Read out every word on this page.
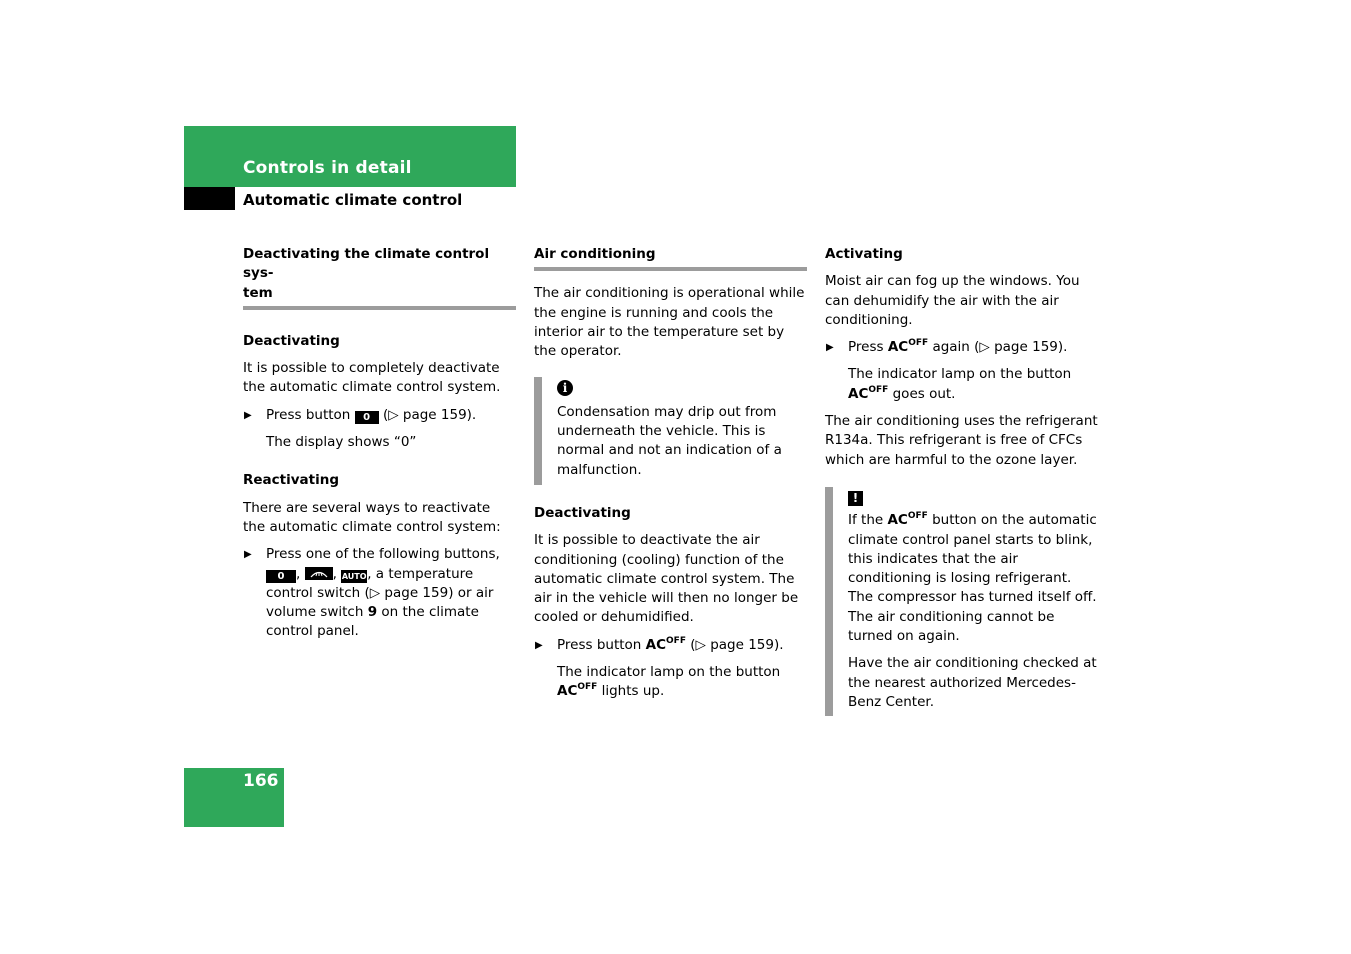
Controls in detail
Automatic climate control

Deactivating the climate control sys-
tem

Deactivating

It is possible to completely deactivate the automatic climate control system.

▶ Press button 0 (▷ page 159).

The display shows “0”

Reactivating

There are several ways to reactivate the automatic climate control system:

▶ Press one of the following buttons,
0 , , AUTO, a temperature control switch (▷ page 159) or air volume switch 9 on the climate control panel.

Air conditioning

The air conditioning is operational while the engine is running and cools the interior air to the temperature set by the operator.

i

Condensation may drip out from underneath the vehicle. This is normal and not an indication of a malfunction.

Deactivating

It is possible to deactivate the air conditioning (cooling) function of the automatic climate control system. The air in the vehicle will then no longer be cooled or dehumidified.

▶ Press button $AC^{OFF}$ (▷ page 159).

The indicator lamp on the button $AC^{OFF}$ lights up.

Activating

Moist air can fog up the windows. You can dehumidify the air with the air conditioning.

▶ Press $AC^{OFF}$ again (▷ page 159).

The indicator lamp on the button $AC^{OFF}$ goes out.

The air conditioning uses the refrigerant R134a. This refrigerant is free of CFCs which are harmful to the ozone layer.

!

If the $AC^{OFF}$ button on the automatic climate control panel starts to blink, this indicates that the air conditioning is losing refrigerant. The compressor has turned itself off. The air conditioning cannot be turned on again.

Have the air conditioning checked at the nearest authorized Mercedes-Benz Center.

166
